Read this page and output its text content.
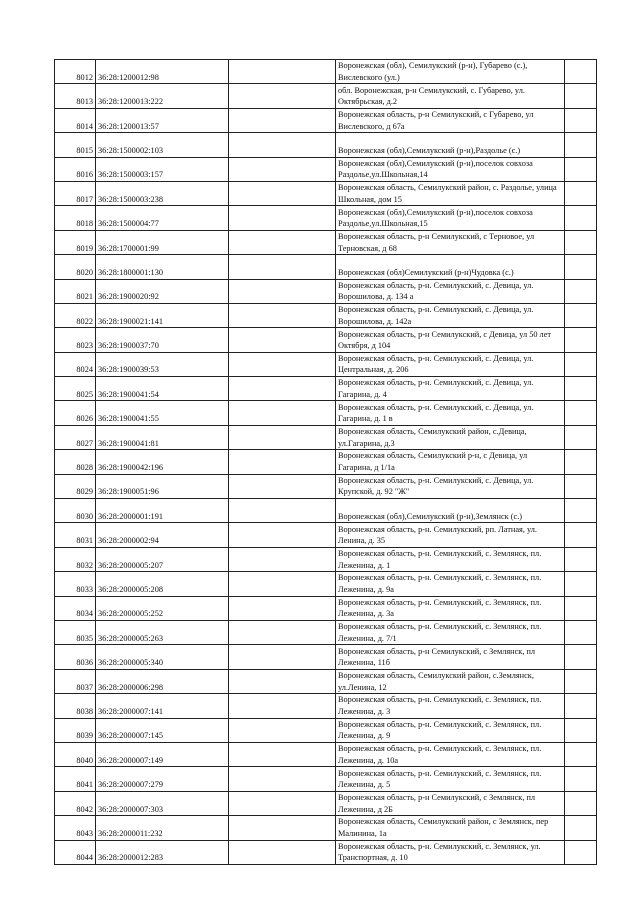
8012	36:28:1200012:98		Воронежская (обл), Семилукский (р-н), Губарево (с.), Вислевского (ул.)	
8013	36:28:1200013:222		обл. Воронежская, р-н Семилукский, с. Губарево, ул. Октябрьская, д.2	
8014	36:28:1200013:57		Воронежская область, р-н Семилукский, с Губарево, ул Вислевского, д 67а	
8015	36:28:1500002:103		Воронежская (обл),Семилукский (р-н),Раздолье (с.)	
8016	36:28:1500003:157		Воронежская (обл),Семилукский (р-н),поселок совхоза Раздолье,ул.Школьная,14	
8017	36:28:1500003:238		Воронежская область, Семилукский район, с. Раздолье, улица Школьная, дом 15	
8018	36:28:1500004:77		Воронежская (обл),Семилукский (р-н),поселок совхоза Раздолье,ул.Школьная,15	
8019	36:28:1700001:99		Воронежская область, р-н Семилукский, с Терновое, ул Терновская, д 68	
8020	36:28:1800001:130		Воронежская (обл)Семилукский (р-н)Чудовка (с.)	
8021	36:28:1900020:92		Воронежская область, р-н. Семилукский, с. Девица, ул. Ворошилова, д. 134 а	
8022	36:28:1900021:141		Воронежская область, р-н. Семилукский, с. Девица, ул. Ворошилова, д. 142а	
8023	36:28:1900037:70		Воронежская область, р-н Семилукский, с Девица, ул 50 лет Октября, д 104	
8024	36:28:1900039:53		Воронежская область, р-н. Семилукский, с. Девица, ул. Центральная, д. 206	
8025	36:28:1900041:54		Воронежская область, р-н. Семилукский, с. Девица, ул. Гагарина, д. 4	
8026	36:28:1900041:55		Воронежская область, р-н. Семилукский, с. Девица, ул. Гагарина, д. 1 в	
8027	36:28:1900041:81		Воронежская область, Семилукский район, с.Девица, ул.Гагарина, д.3	
8028	36:28:1900042:196		Воронежская область, Семилукский р-н, с Девица, ул Гагарина, д 1/1а	
8029	36:28:1900051:96		Воронежская область, р-н. Семилукский, с. Девица, ул. Крупской, д. 92 "Ж"	
8030	36:28:2000001:191		Воронежская (обл),Семилукский (р-н),Землянск (с.)	
8031	36:28:2000002:94		Воронежская область, р-н. Семилукский, рп. Латная, ул. Ленина, д. 35	
8032	36:28:2000005:207		Воронежская область, р-н. Семилукский, с. Землянск, пл. Леженина, д. 1	
8033	36:28:2000005:208		Воронежская область, р-н. Семилукский, с. Землянск, пл. Леженина, д. 9а	
8034	36:28:2000005:252		Воронежская область, р-н. Семилукский, с. Землянск, пл. Леженина, д. 3а	
8035	36:28:2000005:263		Воронежская область, р-н. Семилукский, с. Землянск, пл. Леженина, д. 7/1	
8036	36:28:2000005:340		Воронежская область, р-н Семилукский, с Землянск, пл Леженина, 11б	
8037	36:28:2000006:298		Воронежская область, Семилукский район, с.Землянск, ул.Ленина, 12	
8038	36:28:2000007:141		Воронежская область, р-н. Семилукский, с. Землянск, пл. Леженина, д. 3	
8039	36:28:2000007:145		Воронежская область, р-н. Семилукский, с. Землянск, пл. Леженина, д. 9	
8040	36:28:2000007:149		Воронежская область, р-н. Семилукский, с. Землянск, пл. Леженина, д. 10а	
8041	36:28:2000007:279		Воронежская область, р-н. Семилукский, с. Землянск, пл. Леженина, д. 5	
8042	36:28:2000007:303		Воронежская область, р-н Семилукский, с Землянск, пл Леженина, д 2Б	
8043	36:28:2000011:232		Воронежская область, Семилукский район, с Землянск, пер Малинина, 1а	
8044	36:28:2000012:283		Воронежская область, р-н. Семилукский, с. Землянск, ул. Транспортная, д. 10	
